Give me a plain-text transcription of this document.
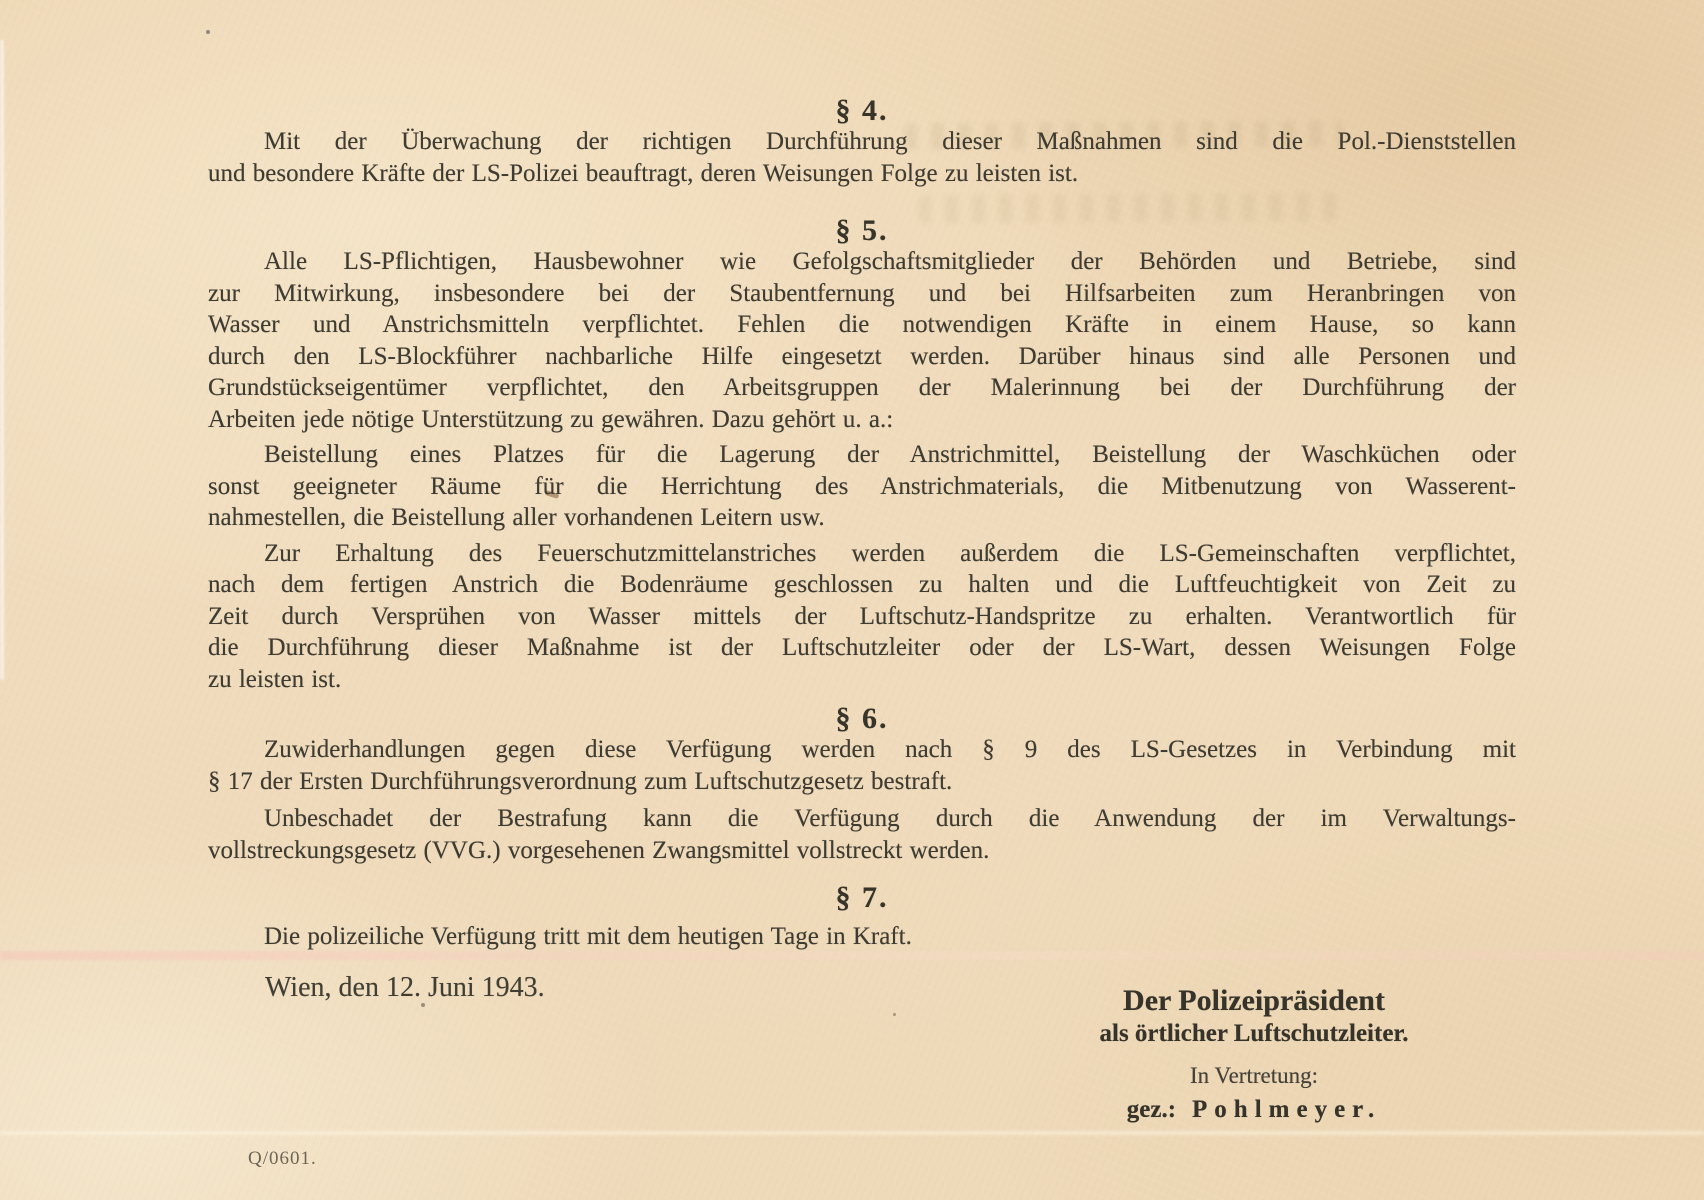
§ 4.
Mit der Überwachung der richtigen Durchführung dieser Maßnahmen sind die Pol.-Dienststellen
und besondere Kräfte der LS-Polizei beauftragt, deren Weisungen Folge zu leisten ist.
§ 5.
Alle LS-Pflichtigen, Hausbewohner wie Gefolgschaftsmitglieder der Behörden und Betriebe, sind
zur Mitwirkung, insbesondere bei der Staubentfernung und bei Hilfsarbeiten zum Heranbringen von
Wasser und Anstrichsmitteln verpflichtet. Fehlen die notwendigen Kräfte in einem Hause, so kann
durch den LS-Blockführer nachbarliche Hilfe eingesetzt werden. Darüber hinaus sind alle Personen und
Grundstückseigentümer verpflichtet, den Arbeitsgruppen der Malerinnung bei der Durchführung der
Arbeiten jede nötige Unterstützung zu gewähren. Dazu gehört u. a.:
Beistellung eines Platzes für die Lagerung der Anstrichmittel, Beistellung der Waschküchen oder
sonst geeigneter Räume für die Herrichtung des Anstrichmaterials, die Mitbenutzung von Wasserent-
nahmestellen, die Beistellung aller vorhandenen Leitern usw.
Zur Erhaltung des Feuerschutzmittelanstriches werden außerdem die LS-Gemeinschaften verpflichtet,
nach dem fertigen Anstrich die Bodenräume geschlossen zu halten und die Luftfeuchtigkeit von Zeit zu
Zeit durch Versprühen von Wasser mittels der Luftschutz-Handspritze zu erhalten. Verantwortlich für
die Durchführung dieser Maßnahme ist der Luftschutzleiter oder der LS-Wart, dessen Weisungen Folge
zu leisten ist.
§ 6.
Zuwiderhandlungen gegen diese Verfügung werden nach § 9 des LS-Gesetzes in Verbindung mit
§ 17 der Ersten Durchführungsverordnung zum Luftschutzgesetz bestraft.
Unbeschadet der Bestrafung kann die Verfügung durch die Anwendung der im Verwaltungs-
vollstreckungsgesetz (VVG.) vorgesehenen Zwangsmittel vollstreckt werden.
§ 7.
Die polizeiliche Verfügung tritt mit dem heutigen Tage in Kraft.
Wien, den 12. Juni 1943.	Der Polizeipräsident
als örtlicher Luftschutzleiter.
In Vertretung:
gez.: Pohlmeyer.
Q/0601.
